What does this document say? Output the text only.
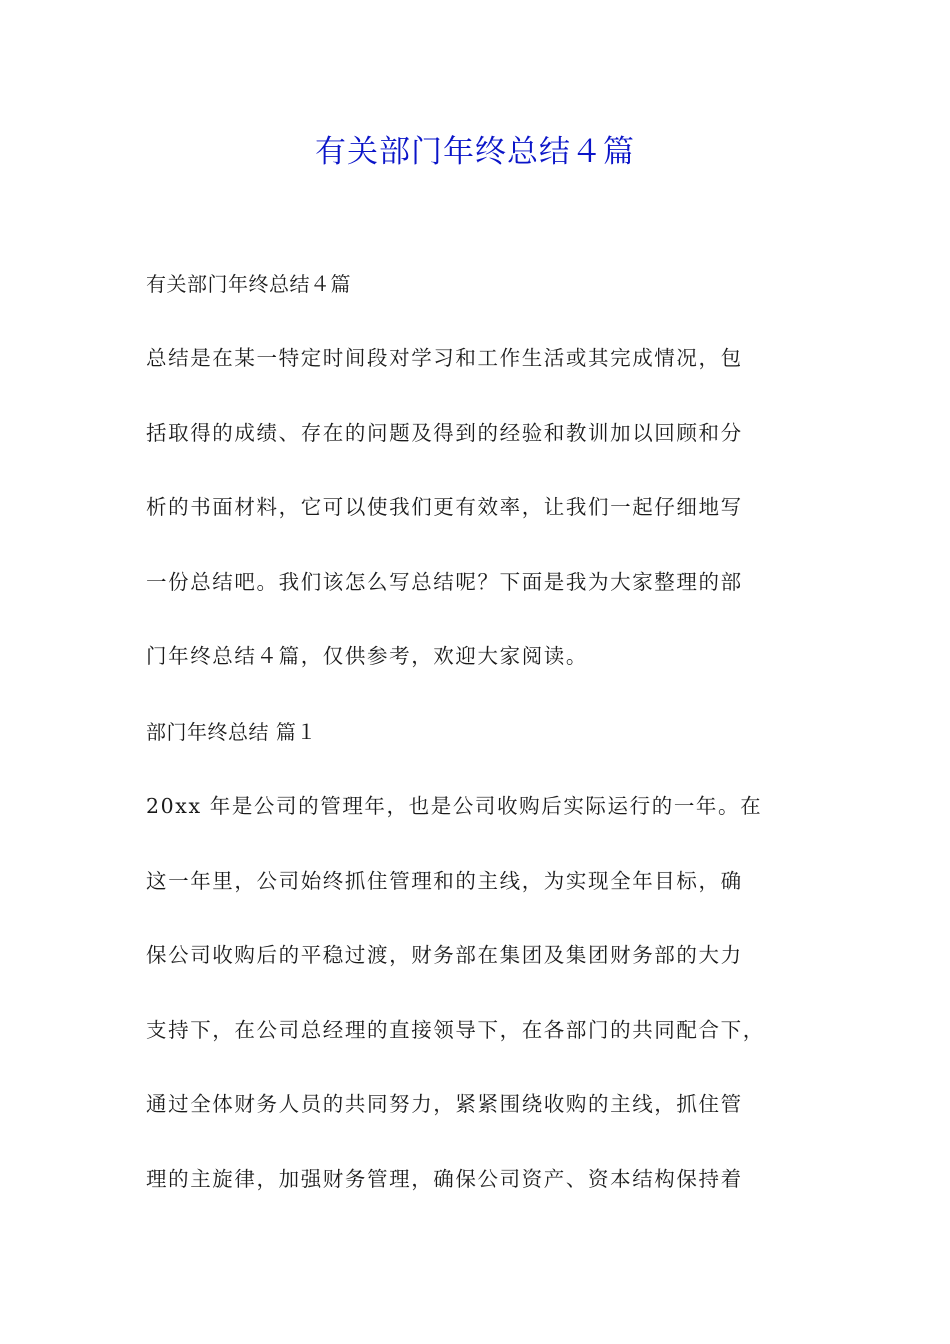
有关部门年终总结４篇
有关部门年终总结４篇

总结是在某一特定时间段对学习和工作生活或其完成情况，包
括取得的成绩、存在的问题及得到的经验和教训加以回顾和分
析的书面材料，它可以使我们更有效率，让我们一起仔细地写
一份总结吧。我们该怎么写总结呢？下面是我为大家整理的部
门年终总结４篇，仅供参考，欢迎大家阅读。

部门年终总结 篇１

20xx 年是公司的管理年，也是公司收购后实际运行的一年。在
这一年里，公司始终抓住管理和的主线，为实现全年目标，确
保公司收购后的平稳过渡，财务部在集团及集团财务部的大力
支持下，在公司总经理的直接领导下，在各部门的共同配合下，
通过全体财务人员的共同努力，紧紧围绕收购的主线，抓住管
理的主旋律，加强财务管理，确保公司资产、资本结构保持着
